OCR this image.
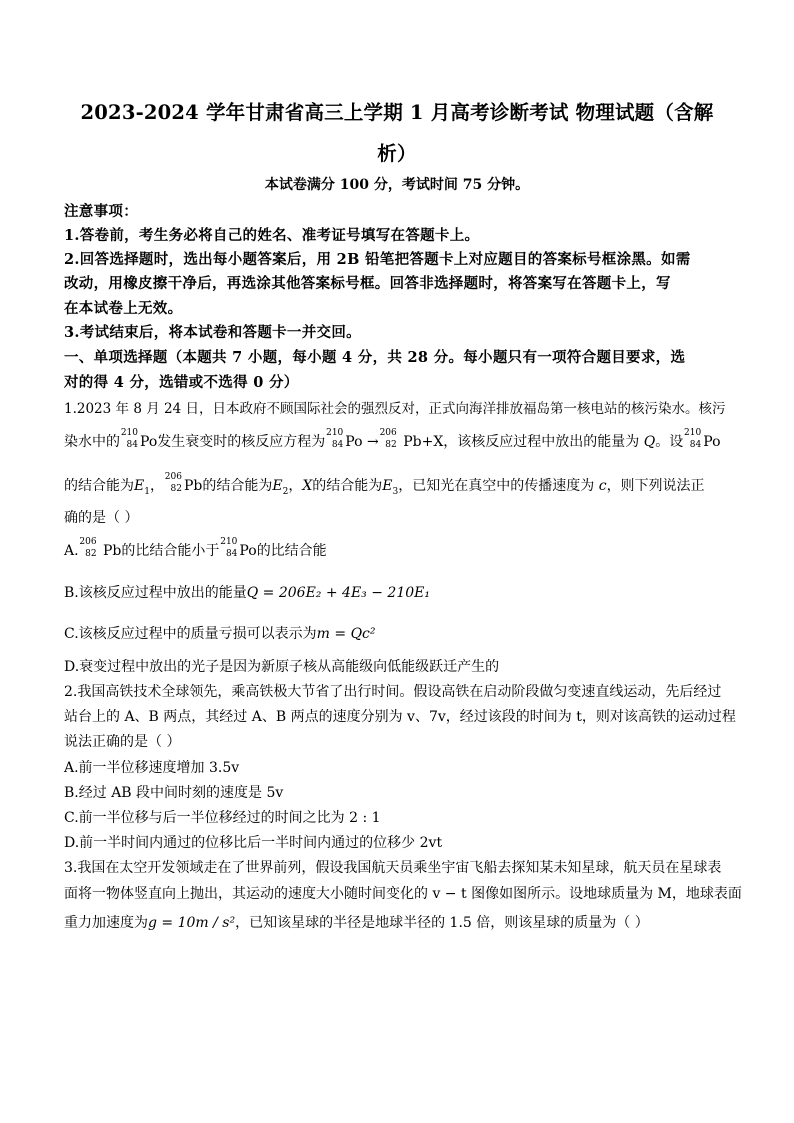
2023-2024 学年甘肃省高三上学期 1 月高考诊断考试 物理试题（含解
析）
本试卷满分 100 分，考试时间 75 分钟。
注意事项：
1.答卷前，考生务必将自己的姓名、准考证号填写在答题卡上。
2.回答选择题时，选出每小题答案后，用 2B 铅笔把答题卡上对应题目的答案标号框涂黑。如需
改动，用橡皮擦干净后，再选涂其他答案标号框。回答非选择题时，将答案写在答题卡上，写
在本试卷上无效。
3.考试结束后，将本试卷和答题卡一并交回。
一、单项选择题（本题共 7 小题，每小题 4 分，共 28 分。每小题只有一项符合题目要求，选
对的得 4 分，选错或不选得 0 分）
1.2023 年 8 月 24 日，日本政府不顾国际社会的强烈反对，正式向海洋排放福岛第一核电站的核污染水。核污
染水中的
210
84 Po发生衰变时的核反应方程为
210
84 Po →
206
82 Pb+X，该核反应过程中放出的能量为 Q。设
210
84 Po
的结合能为$E_1$，
206
82 Pb的结合能为$E_2$，X的结合能为$E_3$，已知光在真空中的传播速度为 c，则下列说法正
确的是（ ）
A.
206
82 Pb的比结合能小于
210
84 Po的比结合能
B.该核反应过程中放出的能量Q = 206E₂ + 4E₃ − 210E₁
C.该核反应过程中的质量亏损可以表示为m = Qc²
D.衰变过程中放出的光子是因为新原子核从高能级向低能级跃迁产生的
2.我国高铁技术全球领先，乘高铁极大节省了出行时间。假设高铁在启动阶段做匀变速直线运动，先后经过
站台上的 A、B 两点，其经过 A、B 两点的速度分别为 v、7v，经过该段的时间为 t，则对该高铁的运动过程
说法正确的是（ ）
A.前一半位移速度增加 3.5v
B.经过 AB 段中间时刻的速度是 5v
C.前一半位移与后一半位移经过的时间之比为 2 : 1
D.前一半时间内通过的位移比后一半时间内通过的位移少 2vt
3.我国在太空开发领域走在了世界前列，假设我国航天员乘坐宇宙飞船去探知某未知星球，航天员在星球表
面将一物体竖直向上抛出，其运动的速度大小随时间变化的 v − t 图像如图所示。设地球质量为 M，地球表面
重力加速度为g = 10m / s²，已知该星球的半径是地球半径的 1.5 倍，则该星球的质量为（ ）
